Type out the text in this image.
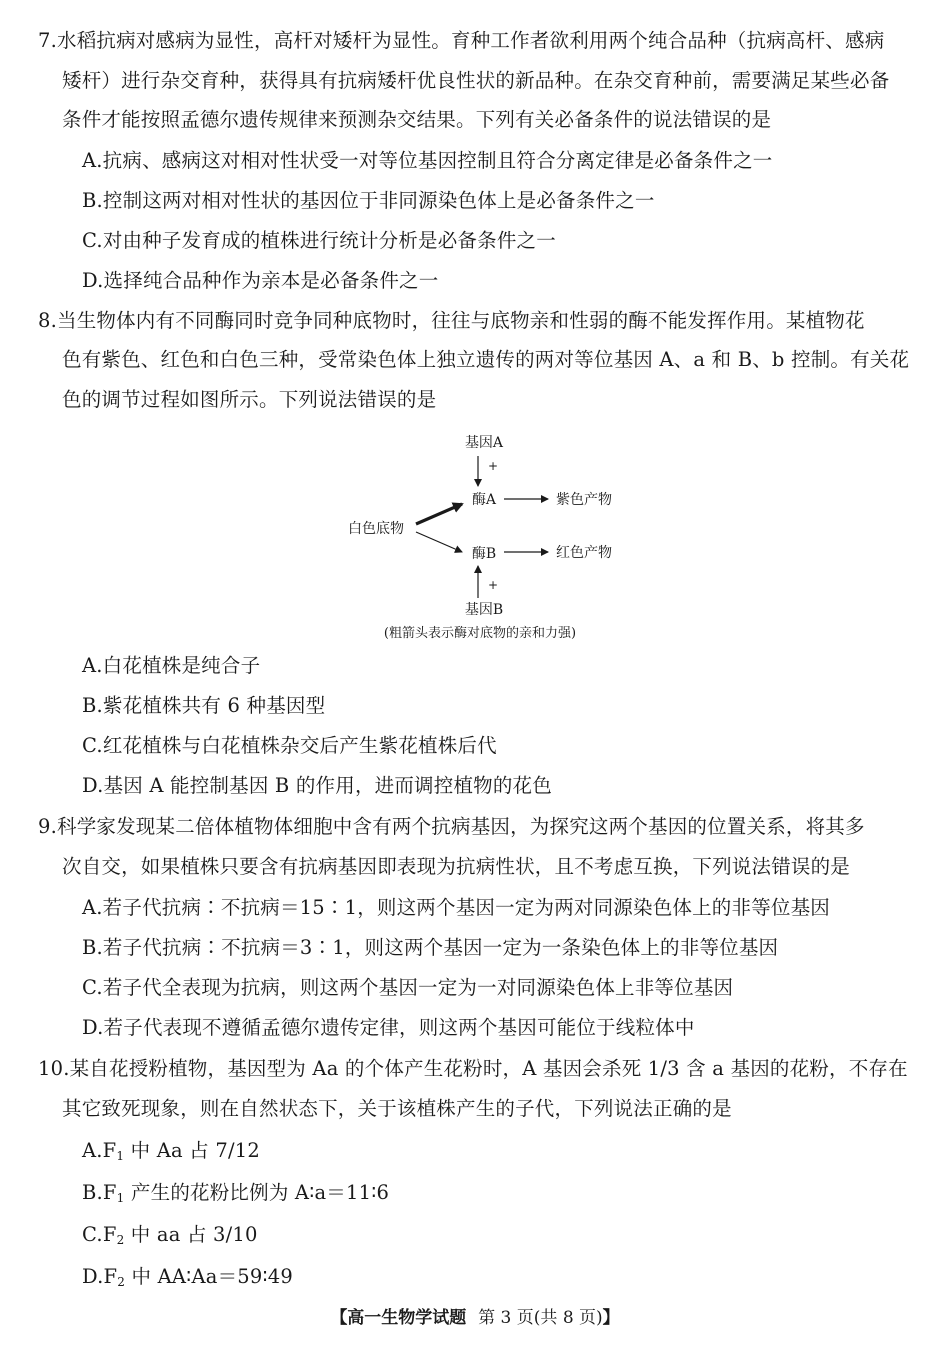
7.水稻抗病对感病为显性，高杆对矮杆为显性。育种工作者欲利用两个纯合品种（抗病高杆、感病
矮杆）进行杂交育种，获得具有抗病矮杆优良性状的新品种。在杂交育种前，需要满足某些必备
条件才能按照孟德尔遗传规律来预测杂交结果。下列有关必备条件的说法错误的是
A.抗病、感病这对相对性状受一对等位基因控制且符合分离定律是必备条件之一
B.控制这两对相对性状的基因位于非同源染色体上是必备条件之一
C.对由种子发育成的植株进行统计分析是必备条件之一
D.选择纯合品种作为亲本是必备条件之一
8.当生物体内有不同酶同时竞争同种底物时，往往与底物亲和性弱的酶不能发挥作用。某植物花
色有紫色、红色和白色三种，受常染色体上独立遗传的两对等位基因 A、a 和 B、b 控制。有关花
色的调节过程如图所示。下列说法错误的是
基因A
+
酶A	紫色产物
白色底物
酶B	红色产物
+
基因B
(粗箭头表示酶对底物的亲和力强)
A.白花植株是纯合子
B.紫花植株共有 6 种基因型
C.红花植株与白花植株杂交后产生紫花植株后代
D.基因 A 能控制基因 B 的作用，进而调控植物的花色
9.科学家发现某二倍体植物体细胞中含有两个抗病基因，为探究这两个基因的位置关系，将其多
次自交，如果植株只要含有抗病基因即表现为抗病性状，且不考虑互换，下列说法错误的是
A.若子代抗病∶不抗病＝15∶1，则这两个基因一定为两对同源染色体上的非等位基因
B.若子代抗病∶不抗病＝3∶1，则这两个基因一定为一条染色体上的非等位基因
C.若子代全表现为抗病，则这两个基因一定为一对同源染色体上非等位基因
D.若子代表现不遵循孟德尔遗传定律，则这两个基因可能位于线粒体中
10.某自花授粉植物，基因型为 Aa 的个体产生花粉时，A 基因会杀死 1/3 含 a 基因的花粉，不存在
其它致死现象，则在自然状态下，关于该植株产生的子代，下列说法正确的是
$A.F_1$ 中 Aa 占 7/12
$B.F_1$ 产生的花粉比例为 A∶a＝11∶6
$C.F_2$ 中 aa 占 3/10
$D.F_2$ 中 AA∶Aa＝59∶49
【高一生物学试题 第 3 页(共 8 页)】
